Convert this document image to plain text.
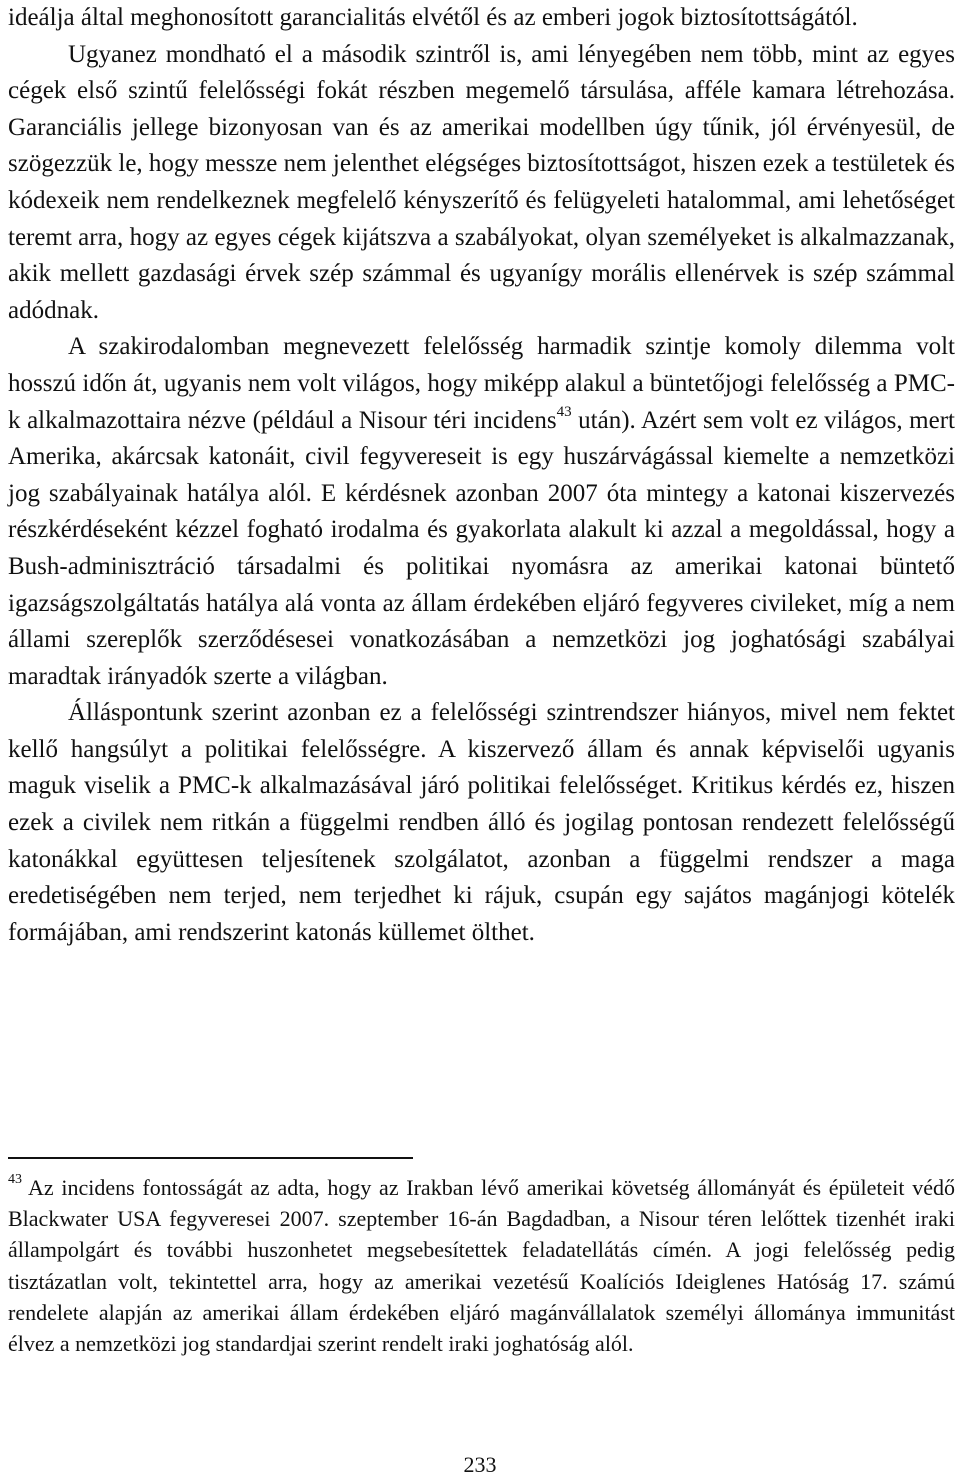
ideálja által meghonosított garancialitás elvétől és az emberi jogok biztosítottságától.

Ugyanez mondható el a második szintről is, ami lényegében nem több, mint az egyes cégek első szintű felelősségi fokát részben megemelő társulása, afféle kamara létrehozása. Garanciális jellege bizonyosan van és az amerikai modellben úgy tűnik, jól érvényesül, de szögezzük le, hogy messze nem jelenthet elégséges biztosítottságot, hiszen ezek a testületek és kódexeik nem rendelkeznek megfelelő kényszerítő és felügyeleti hatalommal, ami lehetőséget teremt arra, hogy az egyes cégek kijátszva a szabályokat, olyan személyeket is alkalmazzanak, akik mellett gazdasági érvek szép számmal és ugyanígy morális ellenérvek is szép számmal adódnak.

A szakirodalomban megnevezett felelősség harmadik szintje komoly dilemma volt hosszú időn át, ugyanis nem volt világos, hogy miképp alakul a büntetőjogi felelősség a PMC-k alkalmazottaira nézve (például a Nisour téri incidens$^{43}$ után). Azért sem volt ez világos, mert Amerika, akárcsak katonáit, civil fegyvereseit is egy huszárvágással kiemelte a nemzetközi jog szabályainak hatálya alól. E kérdésnek azonban 2007 óta mintegy a katonai kiszervezés részkérdéseként kézzel fogható irodalma és gyakorlata alakult ki azzal a megoldással, hogy a Bush-adminisztráció társadalmi és politikai nyomásra az amerikai katonai büntető igazságszolgáltatás hatálya alá vonta az állam érdekében eljáró fegyveres civileket, míg a nem állami szereplők szerződésesei vonatkozásában a nemzetközi jog joghatósági szabályai maradtak irányadók szerte a világban.

Álláspontunk szerint azonban ez a felelősségi szintrendszer hiányos, mivel nem fektet kellő hangsúlyt a politikai felelősségre. A kiszervező állam és annak képviselői ugyanis maguk viselik a PMC-k alkalmazásával járó politikai felelősséget. Kritikus kérdés ez, hiszen ezek a civilek nem ritkán a függelmi rendben álló és jogilag pontosan rendezett felelősségű katonákkal együttesen teljesítenek szolgálatot, azonban a függelmi rendszer a maga eredetiségében nem terjed, nem terjedhet ki rájuk, csupán egy sajátos magánjogi kötelék formájában, ami rendszerint katonás küllemet ölthet.

$^{43}$ Az incidens fontosságát az adta, hogy az Irakban lévő amerikai követség állományát és épületeit védő Blackwater USA fegyveresei 2007. szeptember 16-án Bagdadban, a Nisour téren lelőttek tizenhét iraki állampolgárt és további huszonhetet megsebesítettek feladatellátás címén. A jogi felelősség pedig tisztázatlan volt, tekintettel arra, hogy az amerikai vezetésű Koalíciós Ideiglenes Hatóság 17. számú rendelete alapján az amerikai állam érdekében eljáró magánvállalatok személyi állománya immunitást élvez a nemzetközi jog standardjai szerint rendelt iraki joghatóság alól.

233
